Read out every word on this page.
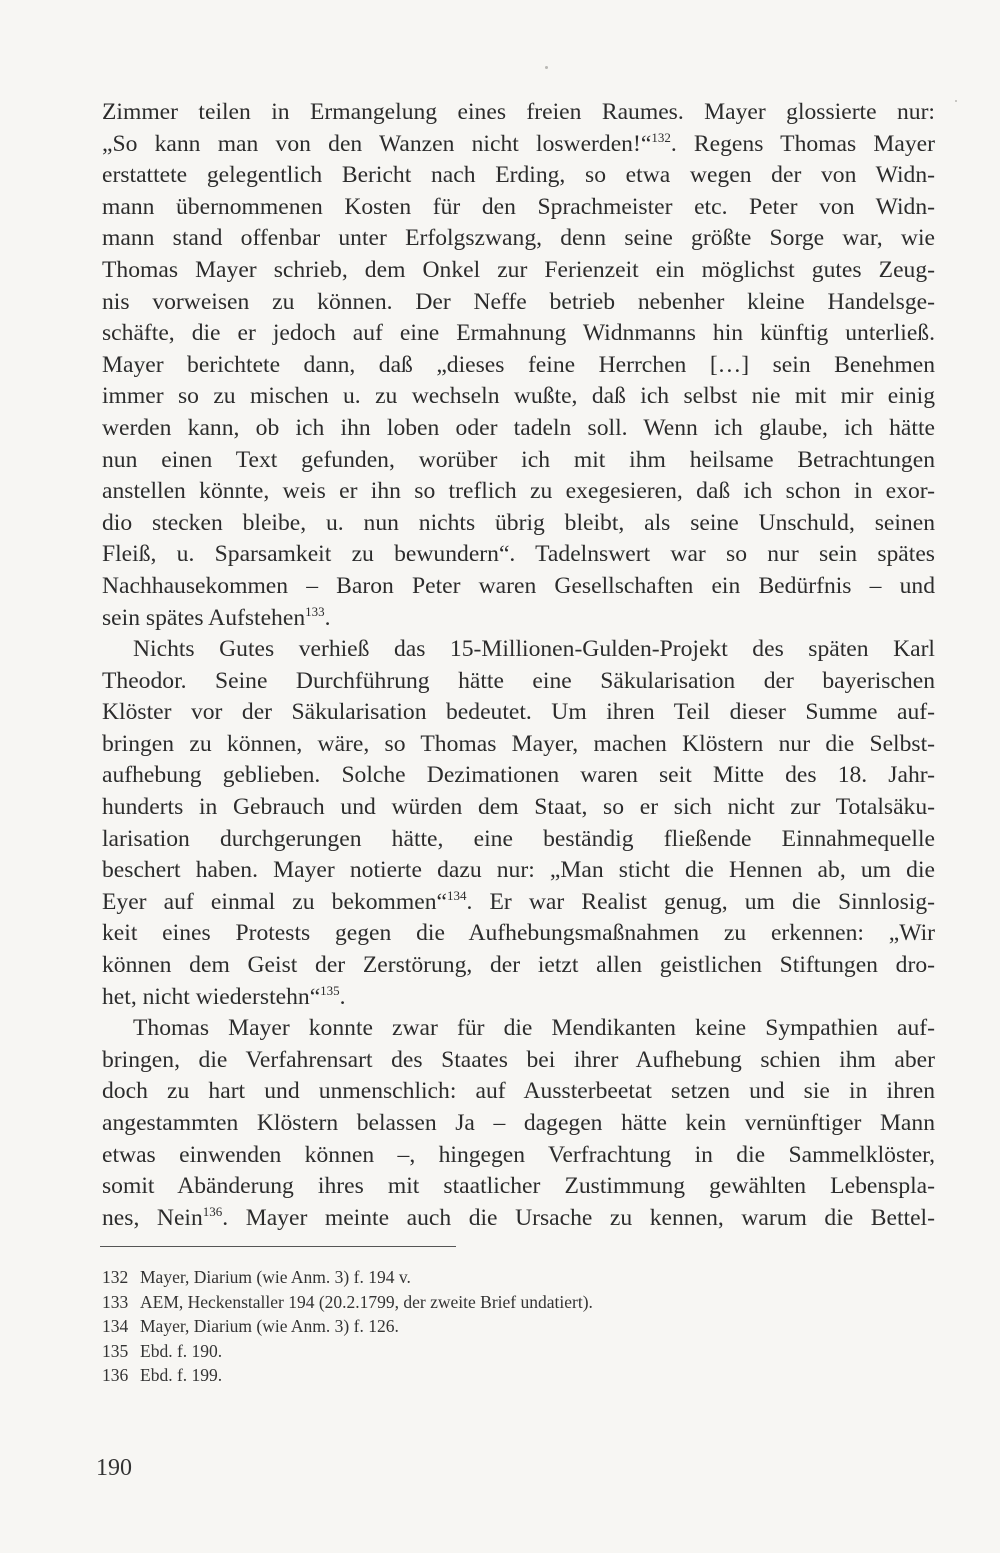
Zimmer teilen in Ermangelung eines freien Raumes. Mayer glossierte nur:
„So kann man von den Wanzen nicht loswerden!“$^{132}$. Regens Thomas Mayer
erstattete gelegentlich Bericht nach Erding, so etwa wegen der von Widn-
mann übernommenen Kosten für den Sprachmeister etc. Peter von Widn-
mann stand offenbar unter Erfolgszwang, denn seine größte Sorge war, wie
Thomas Mayer schrieb, dem Onkel zur Ferienzeit ein möglichst gutes Zeug-
nis vorweisen zu können. Der Neffe betrieb nebenher kleine Handelsge-
schäfte, die er jedoch auf eine Ermahnung Widnmanns hin künftig unterließ.
Mayer berichtete dann, daß „dieses feine Herrchen […] sein Benehmen
immer so zu mischen u. zu wechseln wußte, daß ich selbst nie mit mir einig
werden kann, ob ich ihn loben oder tadeln soll. Wenn ich glaube, ich hätte
nun einen Text gefunden, worüber ich mit ihm heilsame Betrachtungen
anstellen könnte, weis er ihn so treflich zu exegesieren, daß ich schon in exor-
dio stecken bleibe, u. nun nichts übrig bleibt, als seine Unschuld, seinen
Fleiß, u. Sparsamkeit zu bewundern“. Tadelnswert war so nur sein spätes
Nachhausekommen – Baron Peter waren Gesellschaften ein Bedürfnis – und
sein spätes Aufstehen$^{133}$.
Nichts Gutes verhieß das 15-Millionen-Gulden-Projekt des späten Karl
Theodor. Seine Durchführung hätte eine Säkularisation der bayerischen
Klöster vor der Säkularisation bedeutet. Um ihren Teil dieser Summe auf-
bringen zu können, wäre, so Thomas Mayer, machen Klöstern nur die Selbst-
aufhebung geblieben. Solche Dezimationen waren seit Mitte des 18. Jahr-
hunderts in Gebrauch und würden dem Staat, so er sich nicht zur Totalsäku-
larisation durchgerungen hätte, eine beständig fließende Einnahmequelle
beschert haben. Mayer notierte dazu nur: „Man sticht die Hennen ab, um die
Eyer auf einmal zu bekommen“$^{134}$. Er war Realist genug, um die Sinnlosig-
keit eines Protests gegen die Aufhebungsmaßnahmen zu erkennen: „Wir
können dem Geist der Zerstörung, der ietzt allen geistlichen Stiftungen dro-
het, nicht wiederstehn“$^{135}$.
Thomas Mayer konnte zwar für die Mendikanten keine Sympathien auf-
bringen, die Verfahrensart des Staates bei ihrer Aufhebung schien ihm aber
doch zu hart und unmenschlich: auf Aussterbeetat setzen und sie in ihren
angestammten Klöstern belassen Ja – dagegen hätte kein vernünftiger Mann
etwas einwenden können –, hingegen Verfrachtung in die Sammelklöster,
somit Abänderung ihres mit staatlicher Zustimmung gewählten Lebenspla-
nes, Nein$^{136}$. Mayer meinte auch die Ursache zu kennen, warum die Bettel-
132 Mayer, Diarium (wie Anm. 3) f. 194 v.
133 AEM, Heckenstaller 194 (20.2.1799, der zweite Brief undatiert).
134 Mayer, Diarium (wie Anm. 3) f. 126.
135 Ebd. f. 190.
136 Ebd. f. 199.
190
